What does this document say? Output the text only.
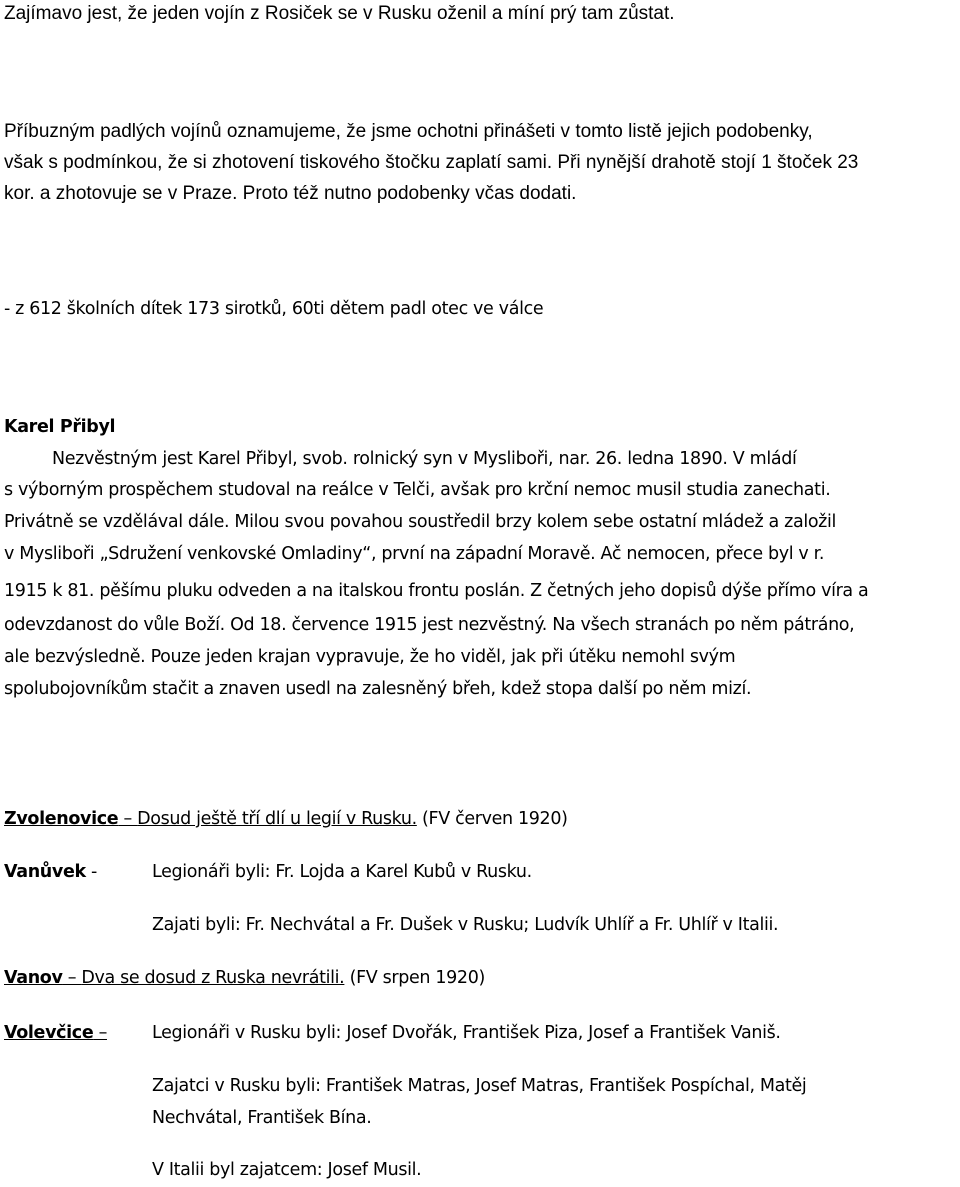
Zajímavo jest, že jeden vojín z Rosiček se v Rusku oženil a míní prý tam zůstat.
Příbuzným padlých vojínů oznamujeme, že jsme ochotni přinášeti v tomto listě jejich podobenky,
však s podmínkou, že si zhotovení tiskového štočku zaplatí sami. Při nynější drahotě stojí 1 štoček 23
kor. a zhotovuje se v Praze. Proto též nutno podobenky včas dodati.
- z 612 školních dítek 173 sirotků, 60ti dětem padl otec ve válce
Karel Přibyl
Nezvěstným jest Karel Přibyl, svob. rolnický syn v Mysliboři, nar. 26. ledna 1890. V mládí
s výborným prospěchem studoval na reálce v Telči, avšak pro krční nemoc musil studia zanechati.
Privátně se vzdělával dále. Milou svou povahou soustředil brzy kolem sebe ostatní mládež a založil
v Mysliboři „Sdružení venkovské Omladiny“, první na západní Moravě. Ač nemocen, přece byl v r.
1915 k 81. pěšímu pluku odveden a na italskou frontu poslán. Z četných jeho dopisů dýše přímo víra a
odevzdanost do vůle Boží. Od 18. července 1915 jest nezvěstný. Na všech stranách po něm pátráno,
ale bezvýsledně. Pouze jeden krajan vypravuje, že ho viděl, jak při útěku nemohl svým
spolubojovníkům stačit a znaven usedl na zalesněný břeh, kdež stopa další po něm mizí.
Zvolenovice – Dosud ještě tří dlí u legií v Rusku. (FV červen 1920)
Vanůvek -	Legionáři byli: Fr. Lojda a Karel Kubů v Rusku.
Zajati byli: Fr. Nechvátal a Fr. Dušek v Rusku; Ludvík Uhlíř a Fr. Uhlíř v Italii.
Vanov – Dva se dosud z Ruska nevrátili. (FV srpen 1920)
Volevčice –	Legionáři v Rusku byli: Josef Dvořák, František Piza, Josef a František Vaniš.
Zajatci v Rusku byli: František Matras, Josef Matras, František Pospíchal, Matěj
Nechvátal, František Bína.
V Italii byl zajatcem: Josef Musil.
